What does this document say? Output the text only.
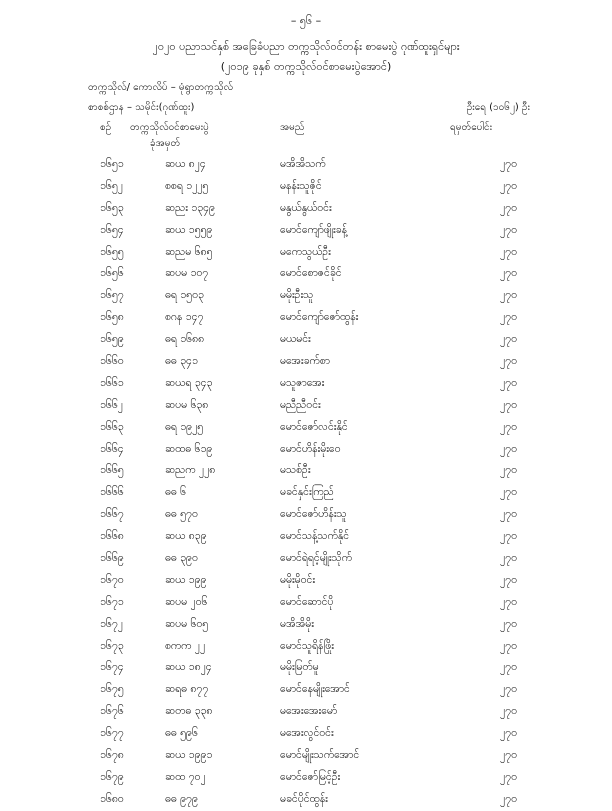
– ၅၆ –
၂၀၂၀ ပညာသင်နှစ် အခြေခံပညာ တက္ကသိုလ်ဝင်တန်း စာမေးပွဲ ဂုဏ်ထူးရှင်များ
(၂၀၁၉ ခုနှစ် တက္ကသိုလ်ဝင်စာမေးပွဲအောင်)
တက္ကသိုလ်/ ကောလိပ် – မုံရွာတက္ကသိုလ်
စာစစ်ဌာန – သမိုင်း(ဂုဏ်ထူး)	ဦးရေ (၁၀၆၂) ဦး
စဉ် တက္ကသိုလ်ဝင်စာမေးပွဲ
ခုံအမှတ်
အမည်	ရမှတ်ပေါင်း
၁၆၅၁	ဆယ ၈၂၄	မအိအိသက်	၂၇၀
၁၆၅၂	စစရ ၁၂၂၅	မနန်းသူဇိုင်	၂၇၀
၁၆၅၃	ဆညး ၁၃၄၉	မနွယ်နွယ်ဝင်း	၂၇၀
၁၆၅၄	ဆယ ၁၅၅၉	မောင်ကျော်ဖျိုးခန့်	၂၇၀
၁၆၅၅	ဆညမ ၆၈၅	မကေသွယ်ဦး	၂၇၀
၁၆၅၆	ဆပမ ၁၀၇	မောင်စောဇင်ခိုင်	၂၇၀
၁၆၅၇	ဓရ ၁၅၀၃	မမိုးဦးသူ	၂၇၀
၁၆၅၈	စဂန ၁၄၇	မောင်ကျော်ဇော်ထွန်း	၂၇၀
၁၆၅၉	ဓရ ၁၆၈၈	မယမင်း	၂၇၀
၁၆၆၀	ဓဓ ၃၄၁	မအေးခက်စာ	၂၇၀
၁၆၆၁	ဆယရ ၃၄၃	မသူဇာအေး	၂၇၀
၁၆၆၂	ဆပမ ၆၃၈	မညီညီဝင်း	၂၇၀
၁၆၆၃	ဓရ ၁၉၂၅	မောင်ဇော်လင်းနိုင်	၂၇၀
၁၆၆၄	ဆထဓ ၆၁၉	မောင်ဟိန်းမိုးဝေ	၂၇၀
၁၆၆၅	ဆညက ၂၂၈	မသစ်ဦး	၂၇၀
၁၆၆၆	ဓဓ ၆	မခင်နှင်းကြည်	၂၇၀
၁၆၆၇	ဓဓ ၅၇၀	မောင်ဇော်ဟိန်းသူ	၂၇၀
၁၆၆၈	ဆယ ၈၃၉	မောင်သန့်သက်နိုင်	၂၇၀
၁၆၆၉	ဓဓ ၃၉၀	မောင်ရဲရင့်မျိုးသိုက်	၂၇၀
၁၆၇၀	ဆယ ၁၉၉	မမိုးမိုဝင်း	၂၇၀
၁၆၇၁	ဆပမ ၂၀၆	မောင်ဆောင်ပို	၂၇၀
၁၆၇၂	ဆပမ ၆၀၅	မအိအိမိုး	၂၇၀
၁၆၇၃	စကက ၂၂	မောင်သူရိန်ဖြိုး	၂၇၀
၁၆၇၄	ဆယ ၁၈၂၄	မမိုးမြတ်မူ	၂၇၀
၁၆၇၅	ဆရဓ ၈၇၇	မောင်နေမျိုးအောင်	၂၇၀
၁၆၇၆	ဆတဓ ၃၃၈	မအေးအေးမော်	၂၇၀
၁၆၇၇	ဓဓ ၅၉၆	မအေးလွင်ဝင်း	၂၇၀
၁၆၇၈	ဆယ ၁၉၉၁	မောင်မျိုးသက်အောင်	၂၇၀
၁၆၇၉	ဆထ ၇၀၂	မောင်ဇော်မြင့်ဦး	၂၇၀
၁၆၈၀	ဓဓ ၉၇၉	မခင်ပိုင်ထွန်း	၂၇၀
